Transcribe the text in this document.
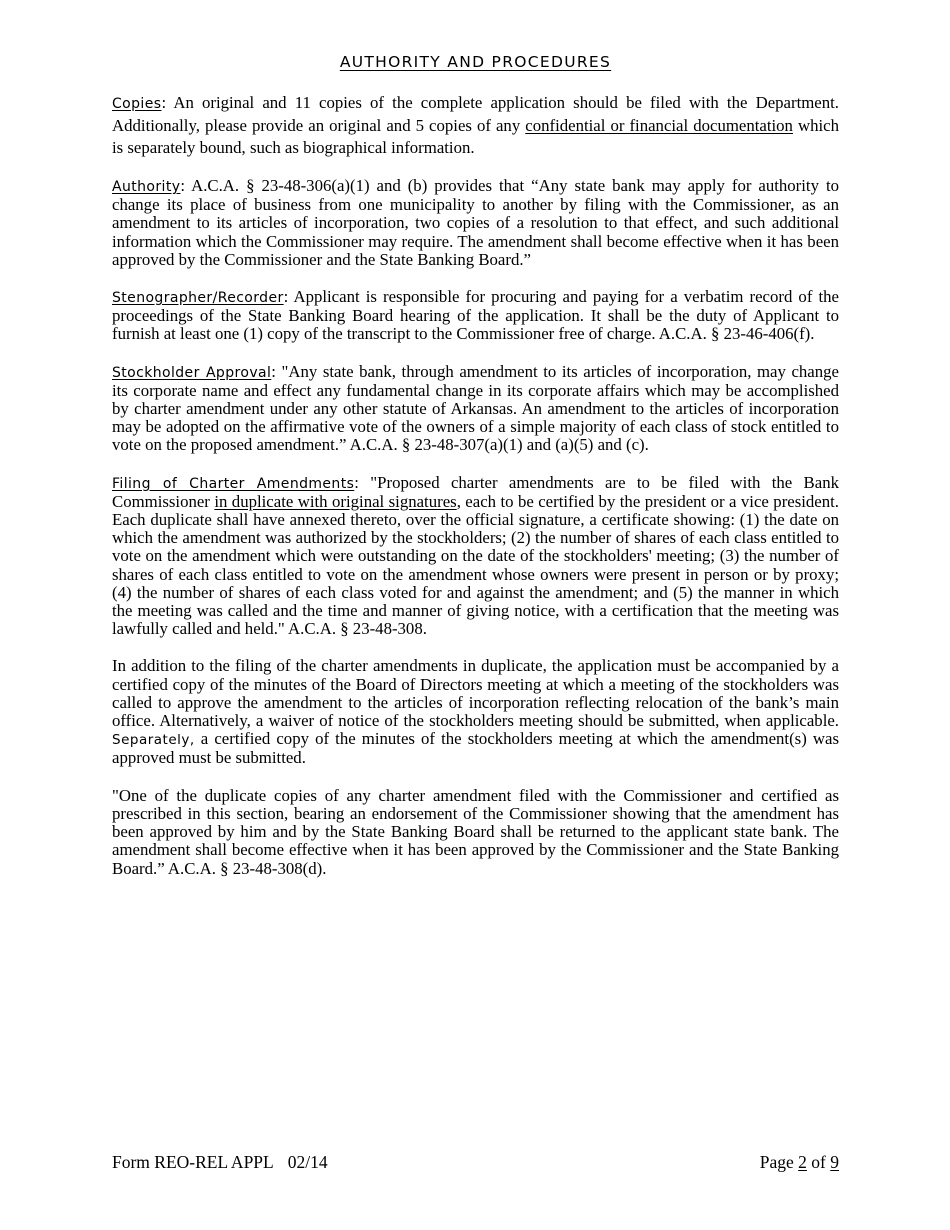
AUTHORITY AND PROCEDURES

Copies: An original and 11 copies of the complete application should be filed with the Department. Additionally, please provide an original and 5 copies of any confidential or financial documentation which is separately bound, such as biographical information.

Authority: A.C.A. § 23-48-306(a)(1) and (b) provides that “Any state bank may apply for authority to change its place of business from one municipality to another by filing with the Commissioner, as an amendment to its articles of incorporation, two copies of a resolution to that effect, and such additional information which the Commissioner may require. The amendment shall become effective when it has been approved by the Commissioner and the State Banking Board.”

Stenographer/Recorder: Applicant is responsible for procuring and paying for a verbatim record of the proceedings of the State Banking Board hearing of the application. It shall be the duty of Applicant to furnish at least one (1) copy of the transcript to the Commissioner free of charge. A.C.A. § 23-46-406(f).

Stockholder Approval: "Any state bank, through amendment to its articles of incorporation, may change its corporate name and effect any fundamental change in its corporate affairs which may be accomplished by charter amendment under any other statute of Arkansas. An amendment to the articles of incorporation may be adopted on the affirmative vote of the owners of a simple majority of each class of stock entitled to vote on the proposed amendment.” A.C.A. § 23-48-307(a)(1) and (a)(5) and (c).

Filing of Charter Amendments: "Proposed charter amendments are to be filed with the Bank Commissioner in duplicate with original signatures, each to be certified by the president or a vice president. Each duplicate shall have annexed thereto, over the official signature, a certificate showing: (1) the date on which the amendment was authorized by the stockholders; (2) the number of shares of each class entitled to vote on the amendment which were outstanding on the date of the stockholders' meeting; (3) the number of shares of each class entitled to vote on the amendment whose owners were present in person or by proxy; (4) the number of shares of each class voted for and against the amendment; and (5) the manner in which the meeting was called and the time and manner of giving notice, with a certification that the meeting was lawfully called and held." A.C.A. § 23-48-308.

In addition to the filing of the charter amendments in duplicate, the application must be accompanied by a certified copy of the minutes of the Board of Directors meeting at which a meeting of the stockholders was called to approve the amendment to the articles of incorporation reflecting relocation of the bank’s main office. Alternatively, a waiver of notice of the stockholders meeting should be submitted, when applicable. Separately, a certified copy of the minutes of the stockholders meeting at which the amendment(s) was approved must be submitted.

"One of the duplicate copies of any charter amendment filed with the Commissioner and certified as prescribed in this section, bearing an endorsement of the Commissioner showing that the amendment has been approved by him and by the State Banking Board shall be returned to the applicant state bank. The amendment shall become effective when it has been approved by the Commissioner and the State Banking Board.” A.C.A. § 23-48-308(d).

Form REO-REL APPL 02/14	Page 2 of 9
